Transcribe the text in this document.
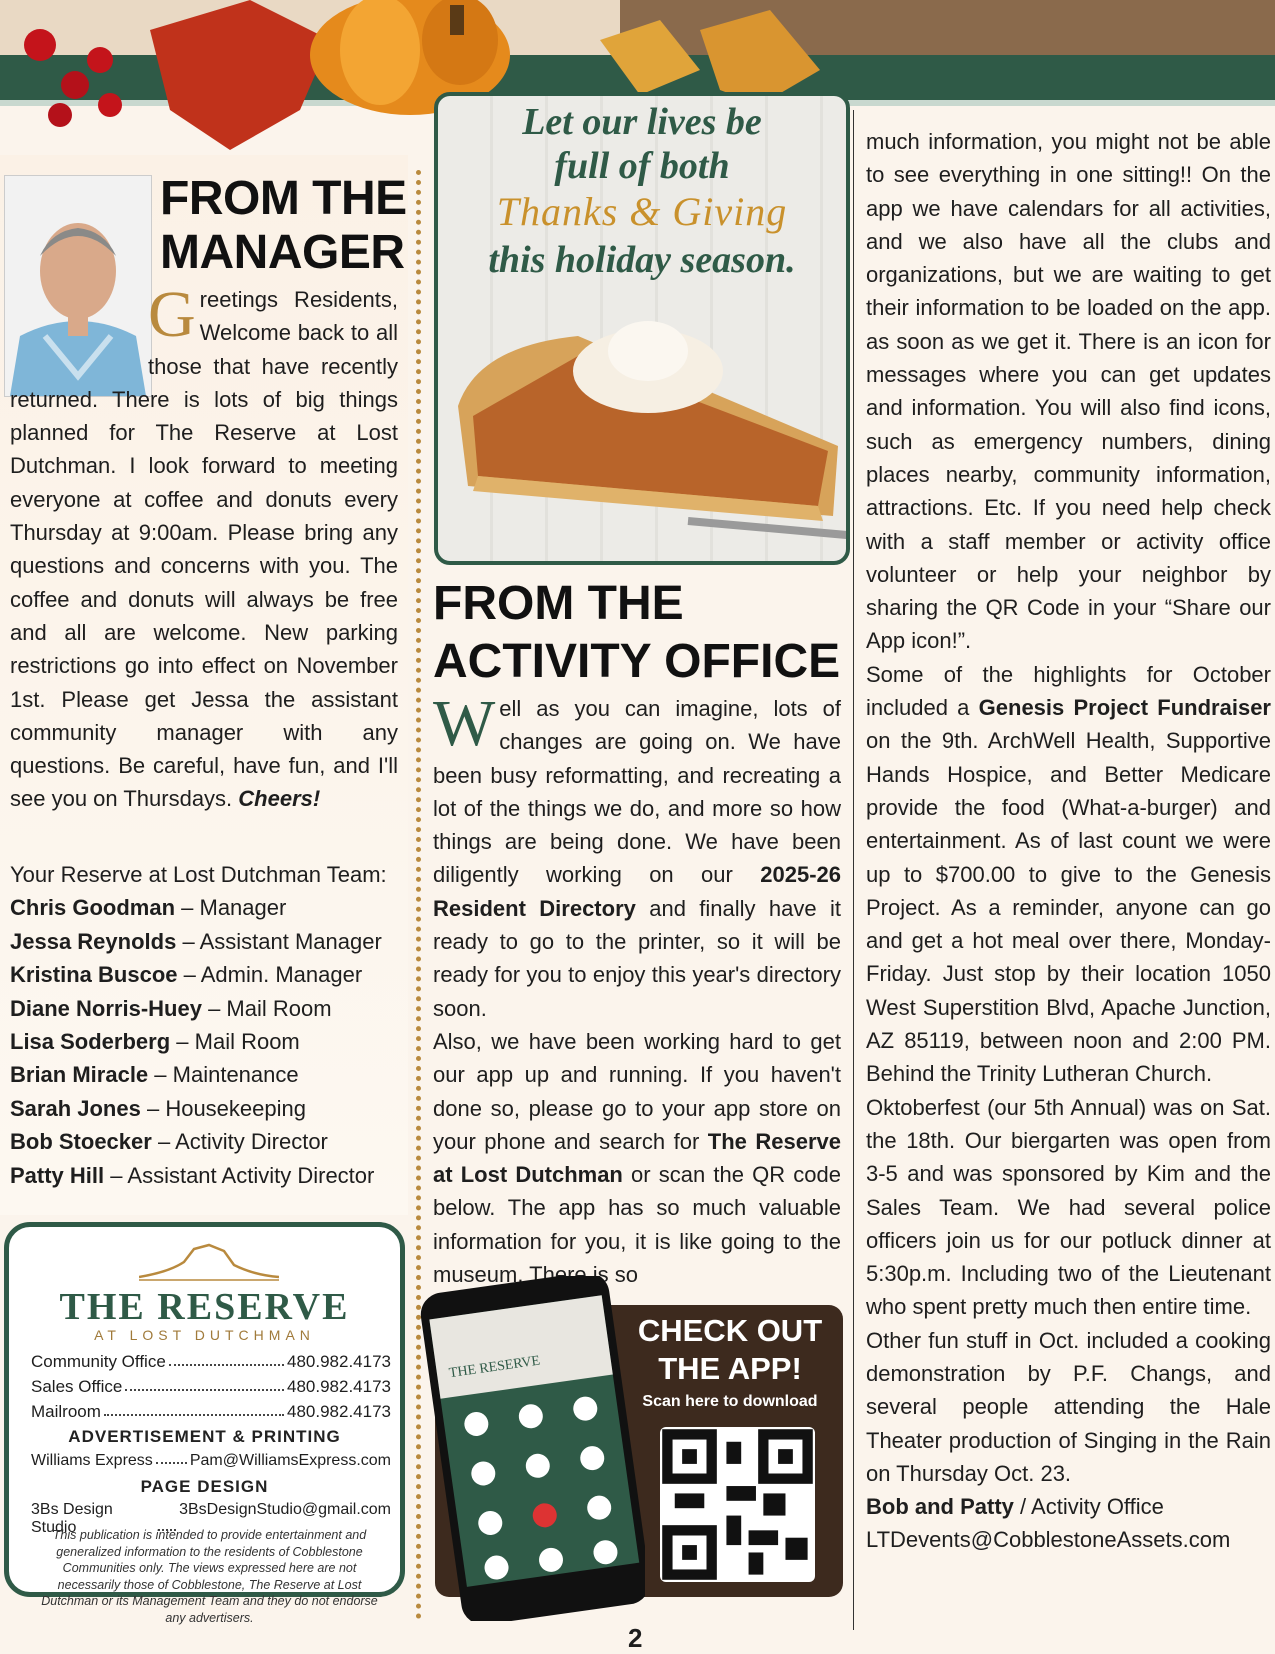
FROM THE
MANAGER
G reetings Residents, Welcome back to all those that have recently returned. There is lots of big things planned for The Reserve at Lost Dutchman. I look forward to meeting everyone at coffee and donuts every Thursday at 9:00am. Please bring any questions and concerns with you. The coffee and donuts will always be free and all are welcome. New parking restrictions go into effect on November 1st. Please get Jessa the assistant community manager with any questions. Be careful, have fun, and I'll see you on Thursdays. Cheers!
Your Reserve at Lost Dutchman Team:
Chris Goodman – Manager
Jessa Reynolds – Assistant Manager
Kristina Buscoe – Admin. Manager
Diane Norris-Huey – Mail Room
Lisa Soderberg – Mail Room
Brian Miracle – Maintenance
Sarah Jones – Housekeeping
Bob Stoecker – Activity Director
Patty Hill – Assistant Activity Director
THE RESERVE
AT LOST DUTCHMAN
Community Office	480.982.4173
Sales Office	480.982.4173
Mailroom	480.982.4173
ADVERTISEMENT & PRINTING
Williams Express Pam@WilliamsExpress.com
PAGE DESIGN
3Bs Design Studio
3BsDesignStudio@gmail.com
This publication is intended to provide entertainment and generalized information to the residents of Cobblestone Communities only. The views expressed here are not necessarily those of Cobblestone, The Reserve at Lost Dutchman or its Management Team and they do not endorse any advertisers.
Let our lives be
full of both
Thanks & Giving
this holiday season.
FROM THE
ACTIVITY OFFICE

Well as you can imagine, lots of changes are going on. We have been busy reformatting, and recreating a lot of the things we do, and more so how things are being done. We have been diligently working on our 2025-26 Resident Directory and finally have it ready to go to the printer, so it will be ready for you to enjoy this year's directory soon.

Also, we have been working hard to get our app up and running. If you haven't done so, please go to your app store on your phone and search for The Reserve at Lost Dutchman or scan the QR code below. The app has so much valuable information for you, it is like going to the museum. There is so

CHECK OUT
THE APP!
Scan here to download
THE RESERVE

much information, you might not be able to see everything in one sitting!! On the app we have calendars for all activities, and we also have all the clubs and organizations, but we are waiting to get their information to be loaded on the app. as soon as we get it. There is an icon for messages where you can get updates and information. You will also find icons, such as emergency numbers, dining places nearby, community information, attractions. Etc. If you need help check with a staff member or activity office volunteer or help your neighbor by sharing the QR Code in your “Share our App icon!”.

Some of the highlights for October included a Genesis Project Fundraiser on the 9th. ArchWell Health, Supportive Hands Hospice, and Better Medicare provide the food (What-a-burger) and entertainment. As of last count we were up to $700.00 to give to the Genesis Project. As a reminder, anyone can go and get a hot meal over there, Monday-Friday. Just stop by their location 1050 West Superstition Blvd, Apache Junction, AZ 85119, between noon and 2:00 PM. Behind the Trinity Lutheran Church.

Oktoberfest (our 5th Annual) was on Sat. the 18th. Our biergarten was open from 3-5 and was sponsored by Kim and the Sales Team. We had several police officers join us for our potluck dinner at 5:30p.m. Including two of the Lieutenant who spent pretty much then entire time.

Other fun stuff in Oct. included a cooking demonstration by P.F. Changs, and several people attending the Hale Theater production of Singing in the Rain on Thursday Oct. 23.

Bob and Patty / Activity Office

LTDevents@CobblestoneAssets.com

2
